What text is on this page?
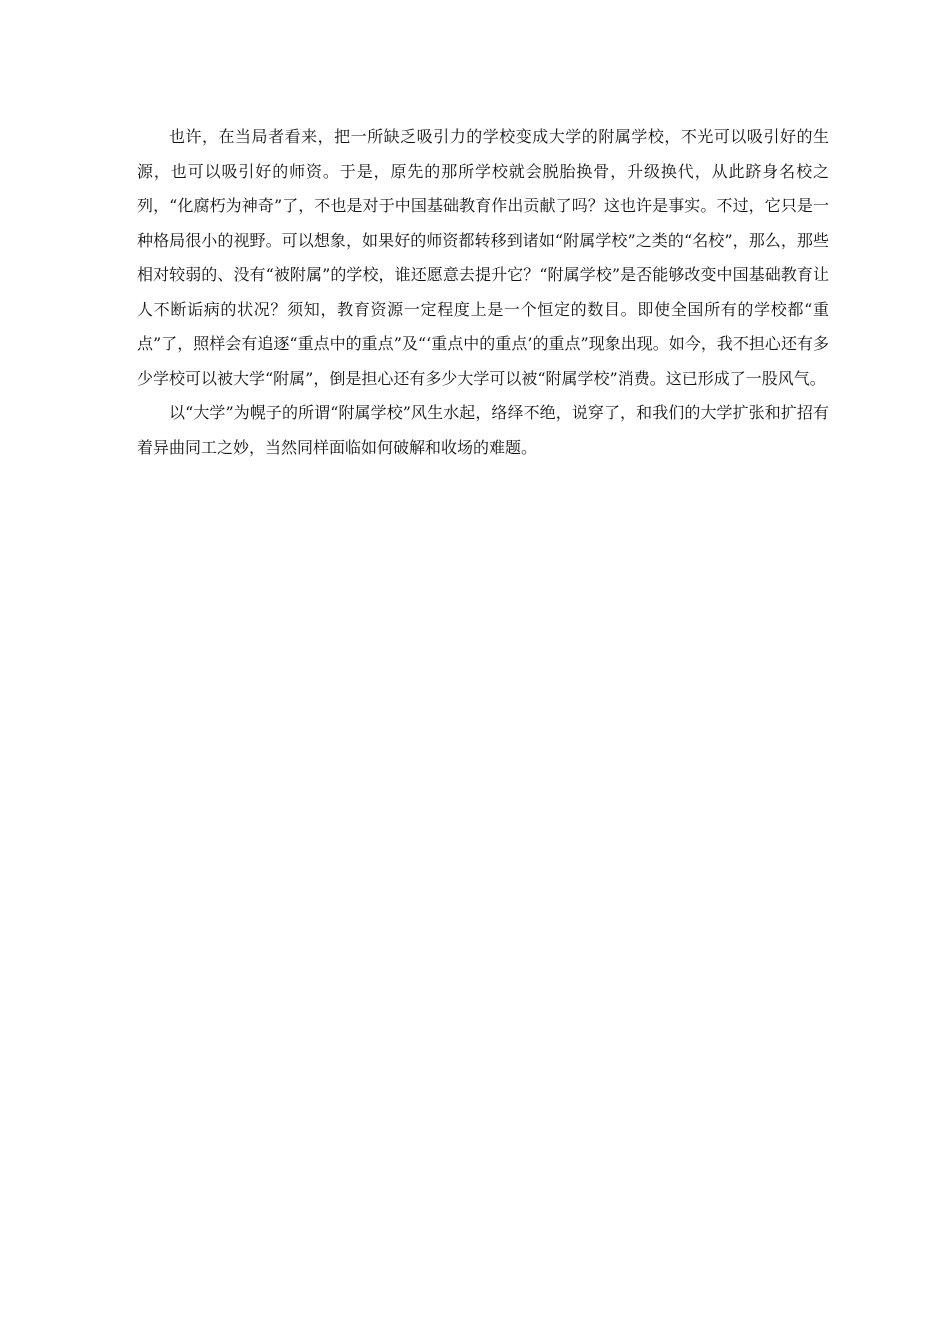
也许，在当局者看来，把一所缺乏吸引力的学校变成大学的附属学校，不光可以吸引好的生源，也可以吸引好的师资。于是，原先的那所学校就会脱胎换骨，升级换代，从此跻身名校之列，“化腐朽为神奇”了，不也是对于中国基础教育作出贡献了吗？这也许是事实。不过，它只是一种格局很小的视野。可以想象，如果好的师资都转移到诸如“附属学校”之类的“名校”，那么，那些相对较弱的、没有“被附属”的学校，谁还愿意去提升它？“附属学校”是否能够改变中国基础教育让人不断诟病的状况？须知，教育资源一定程度上是一个恒定的数目。即使全国所有的学校都“重点”了，照样会有追逐“重点中的重点”及“‘重点中的重点’的重点”现象出现。如今，我不担心还有多少学校可以被大学“附属”，倒是担心还有多少大学可以被“附属学校”消费。这已形成了一股风气。

以“大学”为幌子的所谓“附属学校”风生水起，络绎不绝，说穿了，和我们的大学扩张和扩招有着异曲同工之妙，当然同样面临如何破解和收场的难题。
